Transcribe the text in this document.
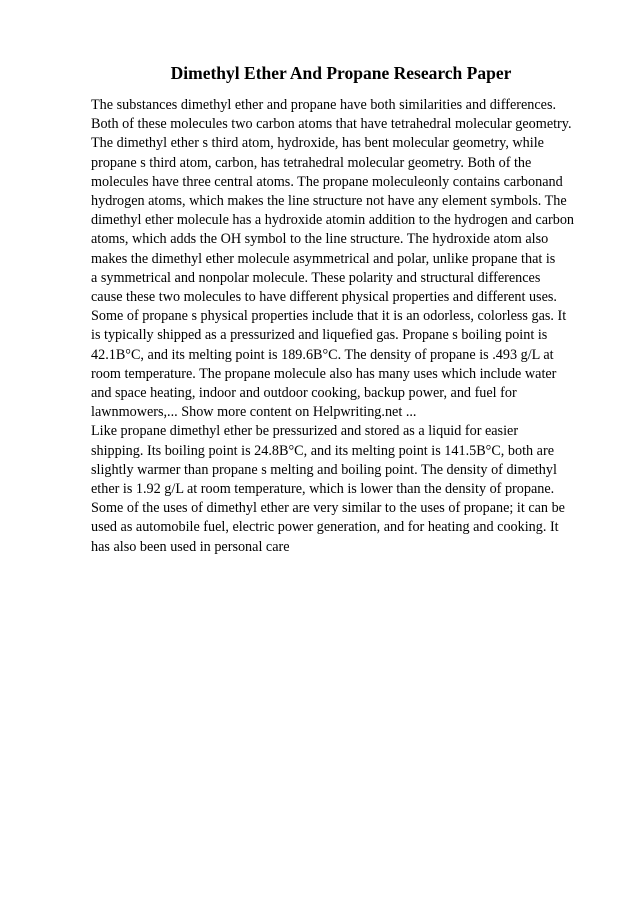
Dimethyl Ether And Propane Research Paper
The substances dimethyl ether and propane have both similarities and differences.
Both of these molecules two carbon atoms that have tetrahedral molecular geometry.
The dimethyl ether s third atom, hydroxide, has bent molecular geometry, while
propane s third atom, carbon, has tetrahedral molecular geometry. Both of the
molecules have three central atoms. The propane moleculeonly contains carbonand
hydrogen atoms, which makes the line structure not have any element symbols. The
dimethyl ether molecule has a hydroxide atomin addition to the hydrogen and carbon
atoms, which adds the OH symbol to the line structure. The hydroxide atom also
makes the dimethyl ether molecule asymmetrical and polar, unlike propane that is
a symmetrical and nonpolar molecule. These polarity and structural differences
cause these two molecules to have different physical properties and different uses.
Some of propane s physical properties include that it is an odorless, colorless gas. It
is typically shipped as a pressurized and liquefied gas. Propane s boiling point is
42.1B°C, and its melting point is 189.6B°C. The density of propane is .493 g/L at
room temperature. The propane molecule also has many uses which include water
and space heating, indoor and outdoor cooking, backup power, and fuel for
lawnmowers,... Show more content on Helpwriting.net ...
Like propane dimethyl ether be pressurized and stored as a liquid for easier
shipping. Its boiling point is 24.8B°C, and its melting point is 141.5B°C, both are
slightly warmer than propane s melting and boiling point. The density of dimethyl
ether is 1.92 g/L at room temperature, which is lower than the density of propane.
Some of the uses of dimethyl ether are very similar to the uses of propane; it can be
used as automobile fuel, electric power generation, and for heating and cooking. It
has also been used in personal care
